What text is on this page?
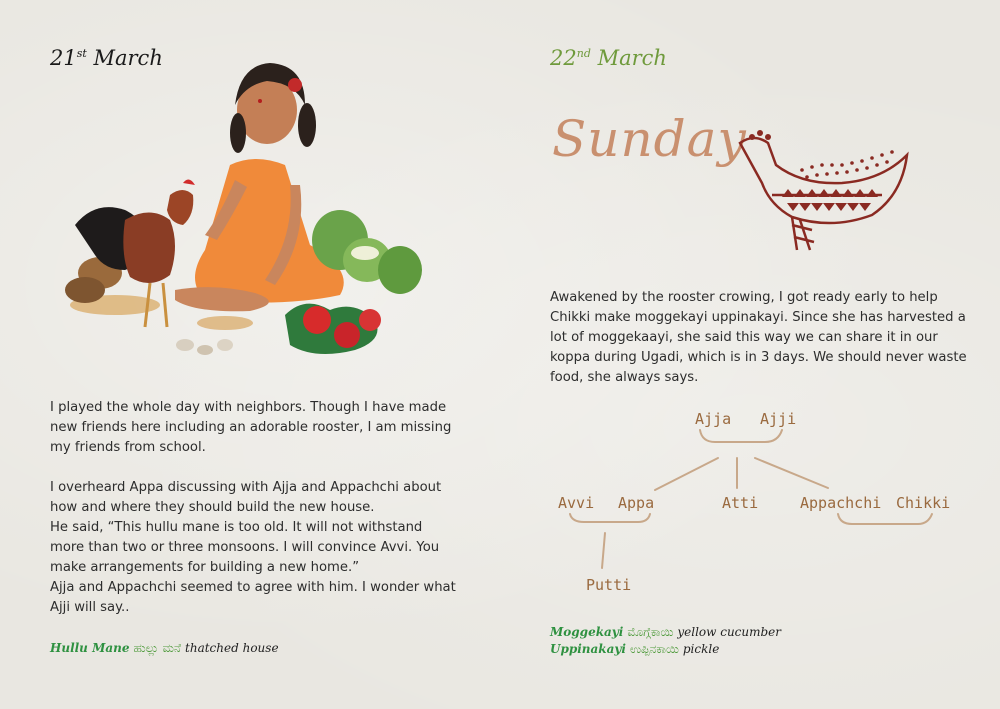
21st March

I played the whole day with neighbors. Though I have made new friends here including an adorable rooster, I am missing my friends from school.

I overheard Appa discussing with Ajja and Appachchi about how and where they should build the new house.

He said, “This hullu mane is too old. It will not withstand more than two or three monsoons. I will convince Avvi. You make arrangements for building a new home.”

Ajja and Appachchi seemed to agree with him. I wonder what Ajji will say..

Hullu Mane ಹುಲ್ಲು ಮನೆ thatched house
22nd March
Sunday

Awakened by the rooster crowing, I got ready early to help Chikki make moggekayi uppinakayi. Since she has harvested a lot of moggekaayi, she said this way we can share it in our koppa during Ugadi, which is in 3 days. We should never waste food, she always says.

Ajja Ajji
Avvi Appa	Atti	Appachchi Chikki
Putti
Moggekayi ಮೊಗ್ಗೆಕಾಯಿ yellow cucumber
Uppinakayi ಉಪ್ಪಿನಕಾಯಿ pickle
